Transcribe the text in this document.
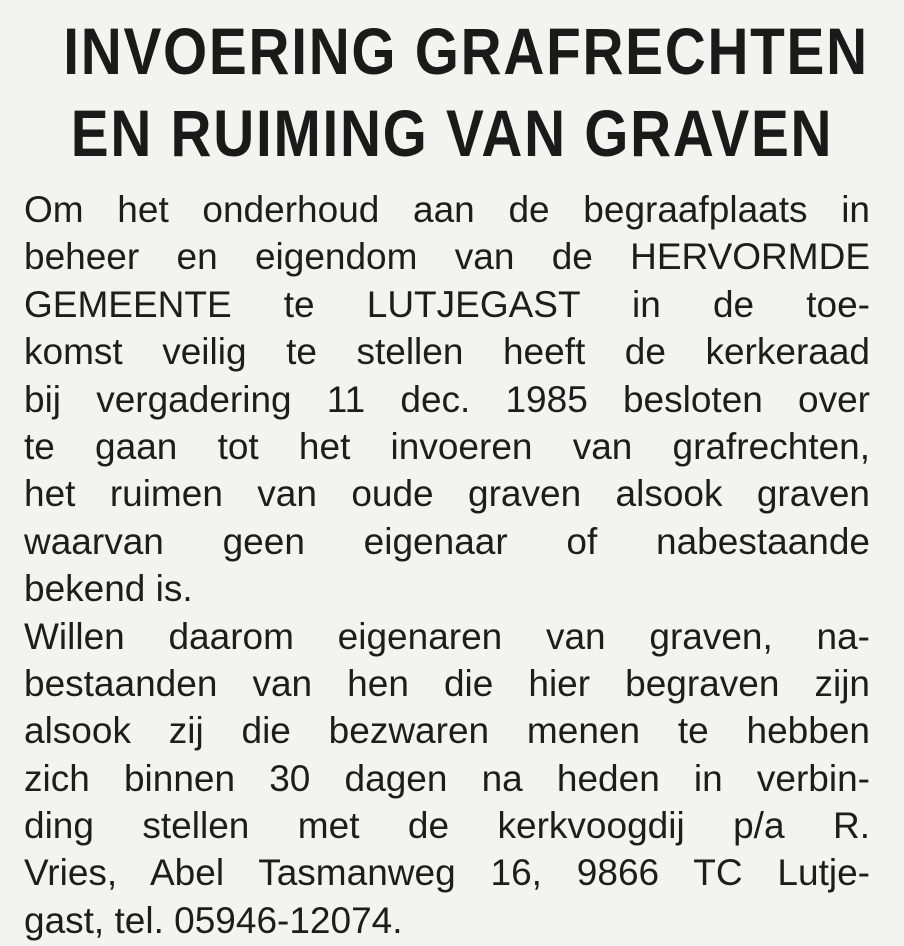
INVOERING GRAFRECHTEN
EN RUIMING VAN GRAVEN
Om het onderhoud aan de begraafplaats in
beheer en eigendom van de HERVORMDE
GEMEENTE te LUTJEGAST in de toe-
komst veilig te stellen heeft de kerkeraad
bij vergadering 11 dec. 1985 besloten over
te gaan tot het invoeren van grafrechten,
het ruimen van oude graven alsook graven
waarvan geen eigenaar of nabestaande
bekend is.
Willen daarom eigenaren van graven, na-
bestaanden van hen die hier begraven zijn
alsook zij die bezwaren menen te hebben
zich binnen 30 dagen na heden in verbin-
ding stellen met de kerkvoogdij p/a R.
Vries, Abel Tasmanweg 16, 9866 TC Lutje-
gast, tel. 05946-12074.
